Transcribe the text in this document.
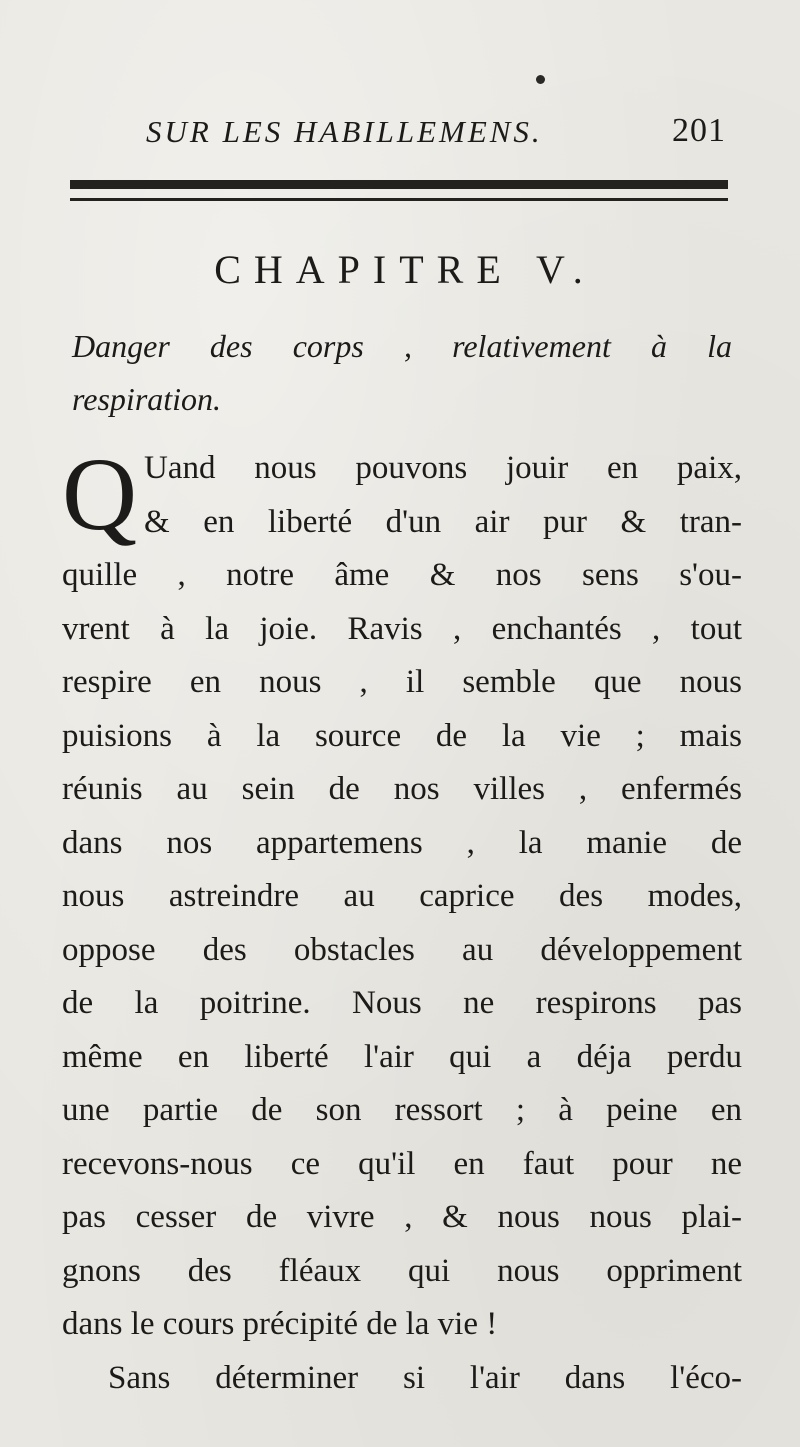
SUR LES HABILLEMENS.	201
CHAPITRE V.
Danger des corps , relativement à la
respiration.
Q Uand nous pouvons jouir en paix,
& en liberté d'un air pur & tran-
quille , notre âme & nos sens s'ou-
vrent à la joie. Ravis , enchantés , tout
respire en nous , il semble que nous
puisions à la source de la vie ; mais
réunis au sein de nos villes , enfermés
dans nos appartemens , la manie de
nous astreindre au caprice des modes,
oppose des obstacles au développement
de la poitrine. Nous ne respirons pas
même en liberté l'air qui a déja perdu
une partie de son ressort ; à peine en
recevons-nous ce qu'il en faut pour ne
pas cesser de vivre , & nous nous plai-
gnons des fléaux qui nous oppriment
dans le cours précipité de la vie !
Sans déterminer si l'air dans l'éco-
